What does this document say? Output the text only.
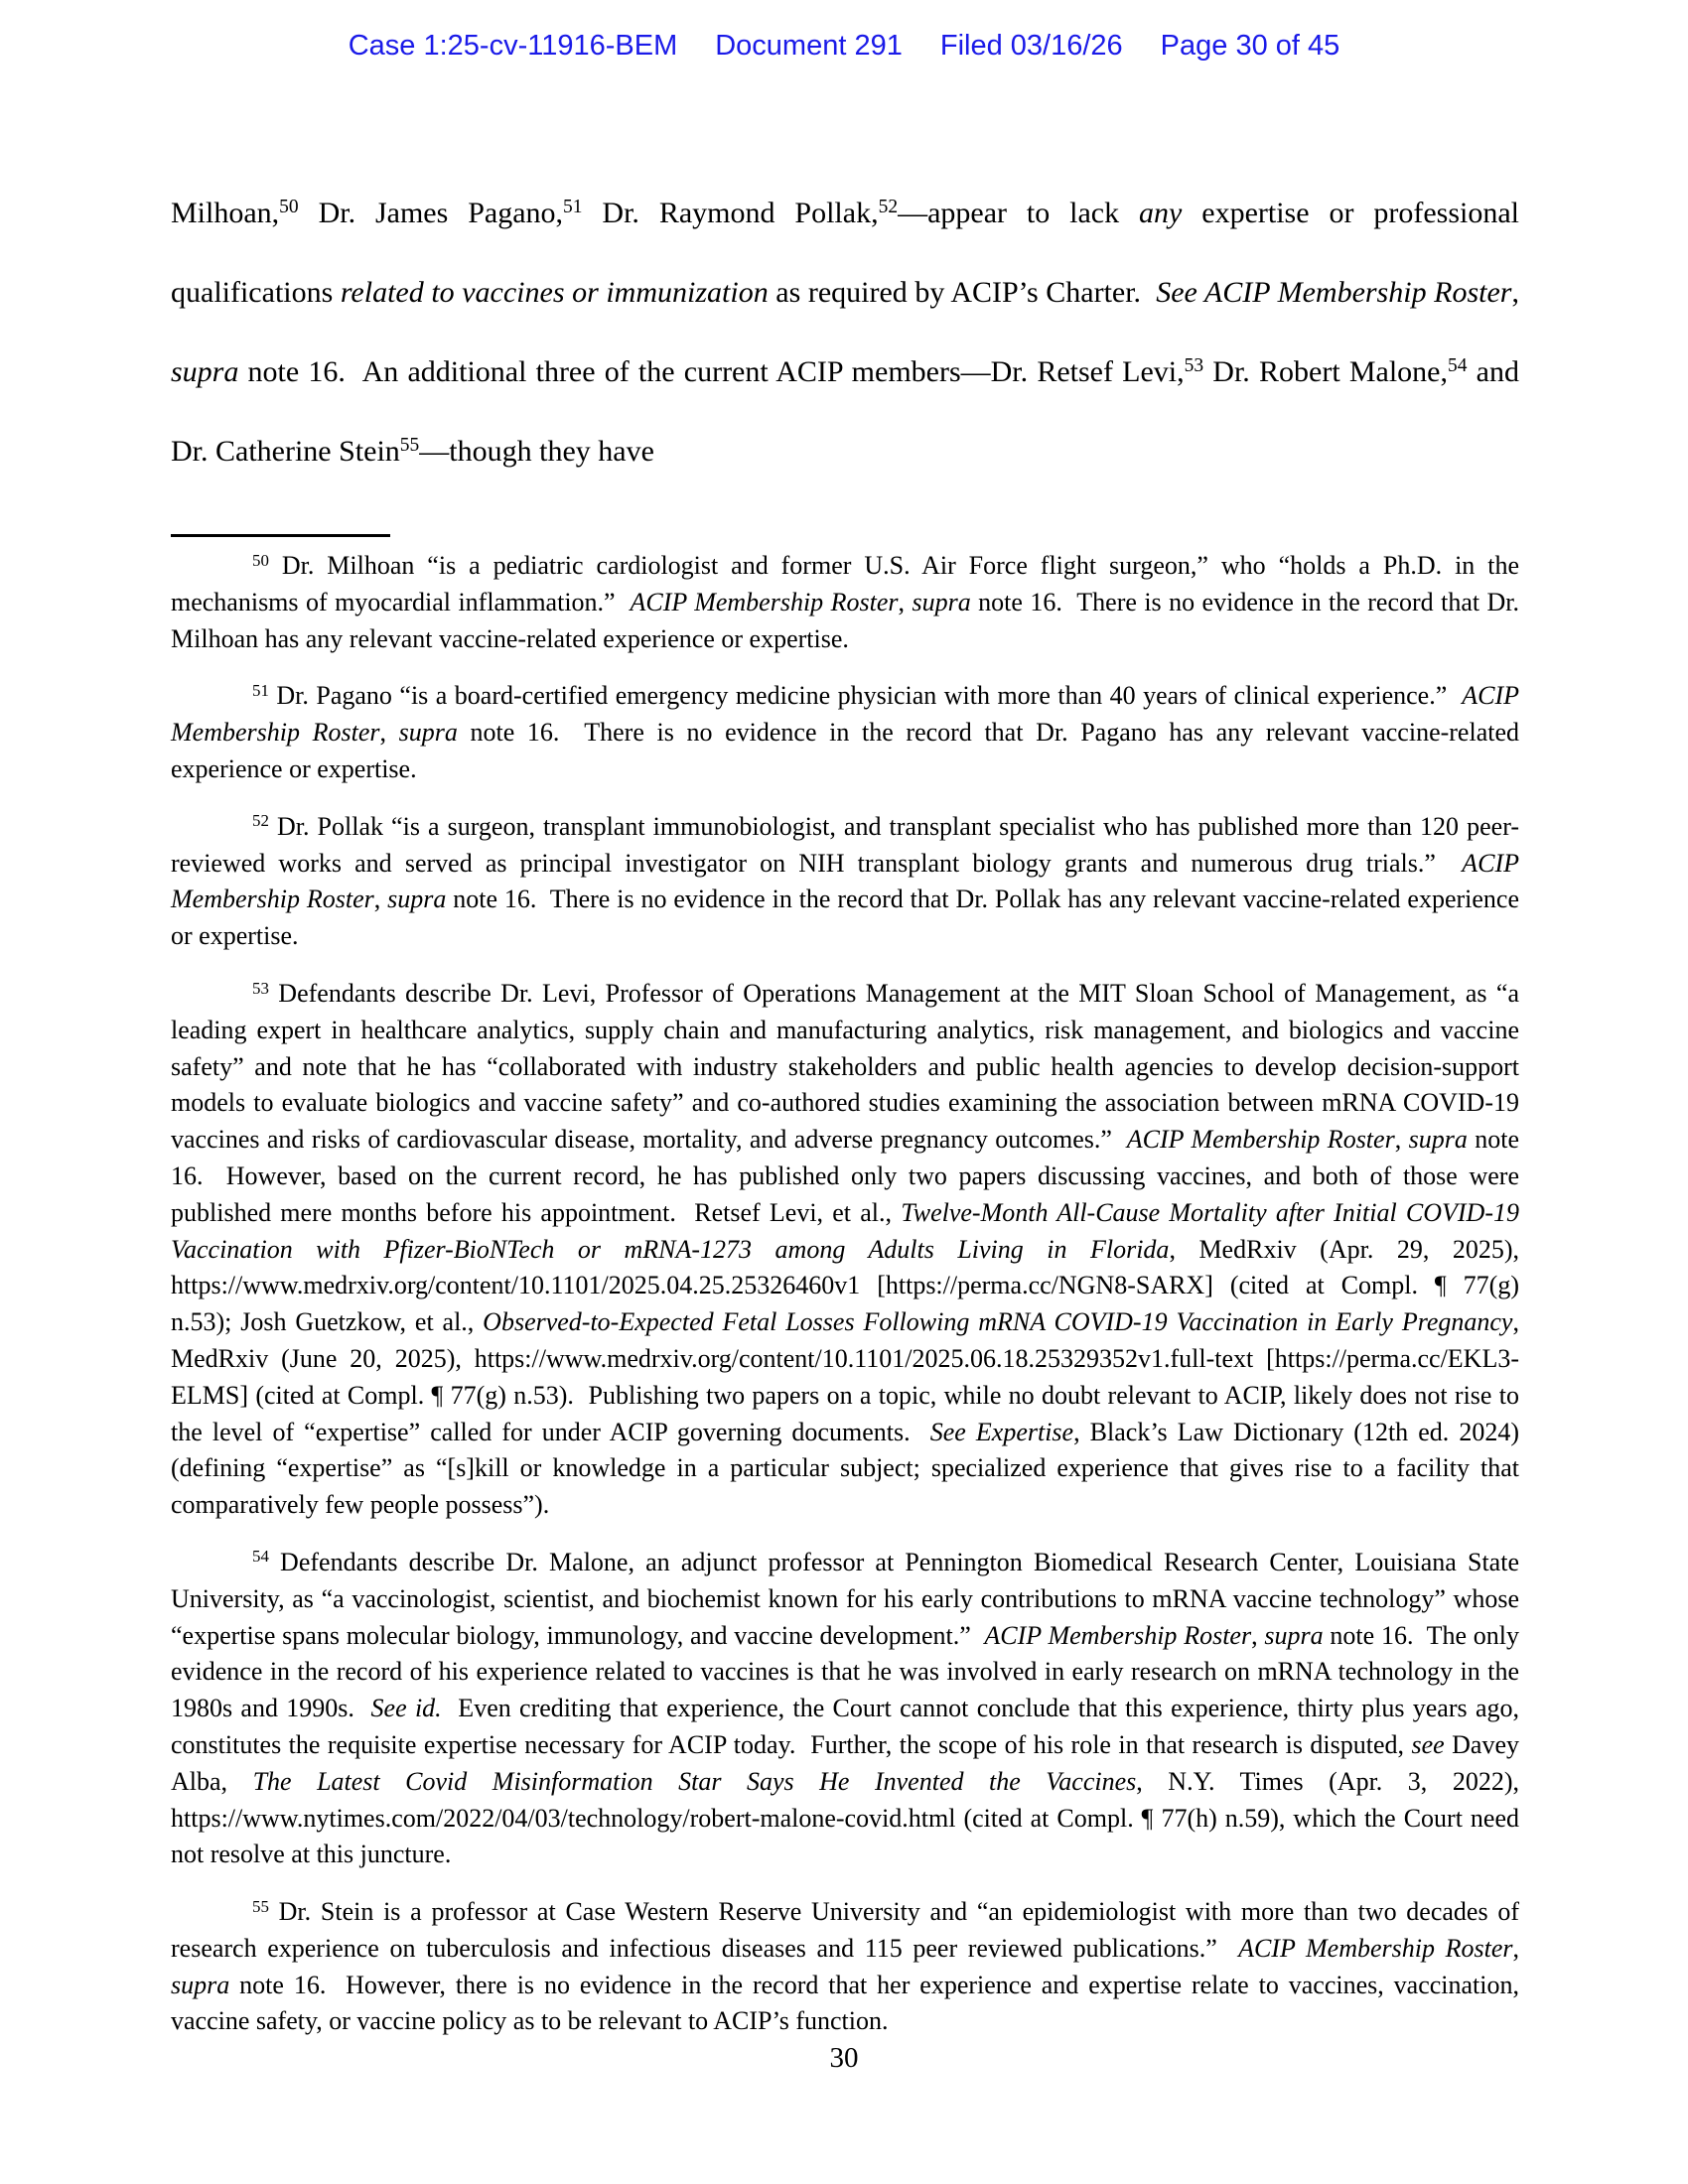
Case 1:25-cv-11916-BEM Document 291 Filed 03/16/26 Page 30 of 45
Milhoan,$^{50}$ Dr. James Pagano,$^{51}$ Dr. Raymond Pollak,$^{52}$—appear to lack any expertise or professional qualifications related to vaccines or immunization as required by ACIP’s Charter.  See ACIP Membership Roster, supra note 16.  An additional three of the current ACIP members—Dr. Retsef Levi,$^{53}$ Dr. Robert Malone,$^{54}$ and Dr. Catherine Stein$^{55}$—though they have
$^{50}$ Dr. Milhoan “is a pediatric cardiologist and former U.S. Air Force flight surgeon,” who “holds a Ph.D. in the mechanisms of myocardial inflammation.”  ACIP Membership Roster, supra note 16.  There is no evidence in the record that Dr. Milhoan has any relevant vaccine-related experience or expertise.
$^{51}$ Dr. Pagano “is a board-certified emergency medicine physician with more than 40 years of clinical experience.”  ACIP Membership Roster, supra note 16.  There is no evidence in the record that Dr. Pagano has any relevant vaccine-related experience or expertise.
$^{52}$ Dr. Pollak “is a surgeon, transplant immunobiologist, and transplant specialist who has published more than 120 peer-reviewed works and served as principal investigator on NIH transplant biology grants and numerous drug trials.”  ACIP Membership Roster, supra note 16.  There is no evidence in the record that Dr. Pollak has any relevant vaccine-related experience or expertise.
$^{53}$ Defendants describe Dr. Levi, Professor of Operations Management at the MIT Sloan School of Management, as “a leading expert in healthcare analytics, supply chain and manufacturing analytics, risk management, and biologics and vaccine safety” and note that he has “collaborated with industry stakeholders and public health agencies to develop decision-support models to evaluate biologics and vaccine safety” and co-authored studies examining the association between mRNA COVID-19 vaccines and risks of cardiovascular disease, mortality, and adverse pregnancy outcomes.”  ACIP Membership Roster, supra note 16.  However, based on the current record, he has published only two papers discussing vaccines, and both of those were published mere months before his appointment.  Retsef Levi, et al., Twelve-Month All-Cause Mortality after Initial COVID-19 Vaccination with Pfizer-BioNTech or mRNA-1273 among Adults Living in Florida, MedRxiv (Apr. 29, 2025), https://www.medrxiv.org/content/10.1101/2025.04.25.25326460v1 [https://perma.cc/NGN8-SARX] (cited at Compl. ¶ 77(g) n.53); Josh Guetzkow, et al., Observed-to-Expected Fetal Losses Following mRNA COVID-19 Vaccination in Early Pregnancy, MedRxiv (June 20, 2025), https://www.medrxiv.org/content/10.1101/2025.06.18.25329352v1.full-text [https://perma.cc/EKL3-ELMS] (cited at Compl. ¶ 77(g) n.53).  Publishing two papers on a topic, while no doubt relevant to ACIP, likely does not rise to the level of “expertise” called for under ACIP governing documents.  See Expertise, Black’s Law Dictionary (12th ed. 2024) (defining “expertise” as “[s]kill or knowledge in a particular subject; specialized experience that gives rise to a facility that comparatively few people possess”).
$^{54}$ Defendants describe Dr. Malone, an adjunct professor at Pennington Biomedical Research Center, Louisiana State University, as “a vaccinologist, scientist, and biochemist known for his early contributions to mRNA vaccine technology” whose “expertise spans molecular biology, immunology, and vaccine development.”  ACIP Membership Roster, supra note 16.  The only evidence in the record of his experience related to vaccines is that he was involved in early research on mRNA technology in the 1980s and 1990s.  See id.  Even crediting that experience, the Court cannot conclude that this experience, thirty plus years ago, constitutes the requisite expertise necessary for ACIP today.  Further, the scope of his role in that research is disputed, see Davey Alba, The Latest Covid Misinformation Star Says He Invented the Vaccines, N.Y. Times (Apr. 3, 2022), https://www.nytimes.com/2022/04/03/technology/robert-malone-covid.html (cited at Compl. ¶ 77(h) n.59), which the Court need not resolve at this juncture.
$^{55}$ Dr. Stein is a professor at Case Western Reserve University and “an epidemiologist with more than two decades of research experience on tuberculosis and infectious diseases and 115 peer reviewed publications.”  ACIP Membership Roster, supra note 16.  However, there is no evidence in the record that her experience and expertise relate to vaccines, vaccination, vaccine safety, or vaccine policy as to be relevant to ACIP’s function.
30
